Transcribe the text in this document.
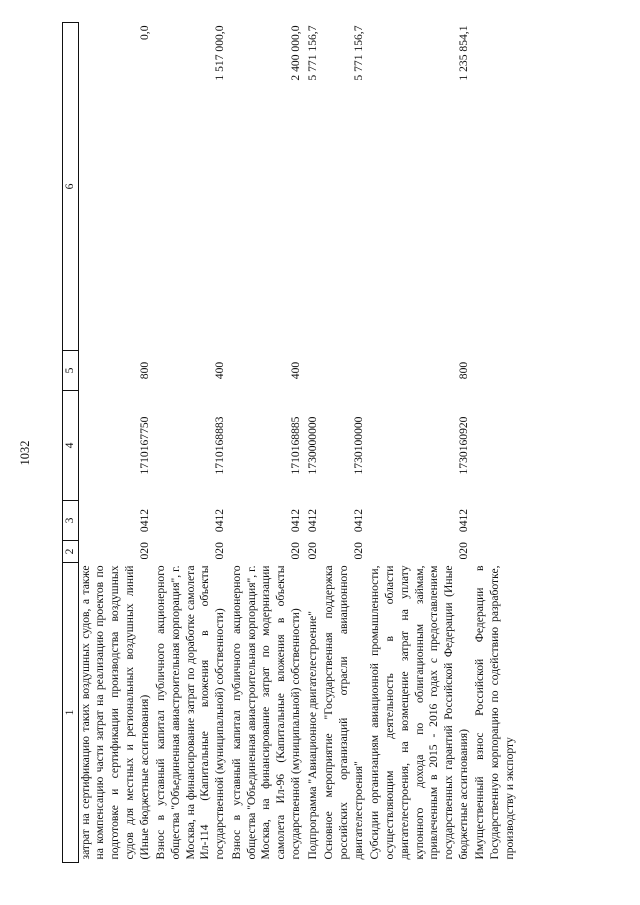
1032
1	2	3	4	5	6
затрат на сертификацию таких воздушных судов, а также на компенсацию части затрат на реализацию проектов по подготовке и сертификации производства воздушных судов для местных и региональных воздушных линий (Иные бюджетные ассигнования)	020	0412	1710167750	800	0,0
Взнос в уставный капитал публичного акционерного общества "Объединенная авиастроительная корпорация", г. Москва, на финансирование затрат по доработке самолета Ил-114 (Капитальные вложения в объекты государственной (муниципальной) собственности)	020	0412	1710168883	400	1 517 000,0
Взнос в уставный капитал публичного акционерного общества "Объединенная авиастроительная корпорация", г. Москва, на финансирование затрат по модернизации самолета Ил-96 (Капитальные вложения в объекты государственной (муниципальной) собственности)	020	0412	1710168885	400	2 400 000,0
Подпрограмма "Авиационное двигателестроение"	020	0412	1730000000		5 771 156,7
Основное мероприятие "Государственная поддержка российских организаций отрасли авиационного двигателестроения"	020	0412	1730100000		5 771 156,7
Субсидии организациям авиационной промышленности, осуществляющим деятельность в области двигателестроения, на возмещение затрат на уплату купонного дохода по облигационным займам, привлеченным в 2015 - 2016 годах с предоставлением государственных гарантий Российской Федерации (Иные бюджетные ассигнования)	020	0412	1730160920	800	1 235 854,1
Имущественный взнос Российской Федерации в Государственную корпорацию по содействию разработке, производству и экспорту					
